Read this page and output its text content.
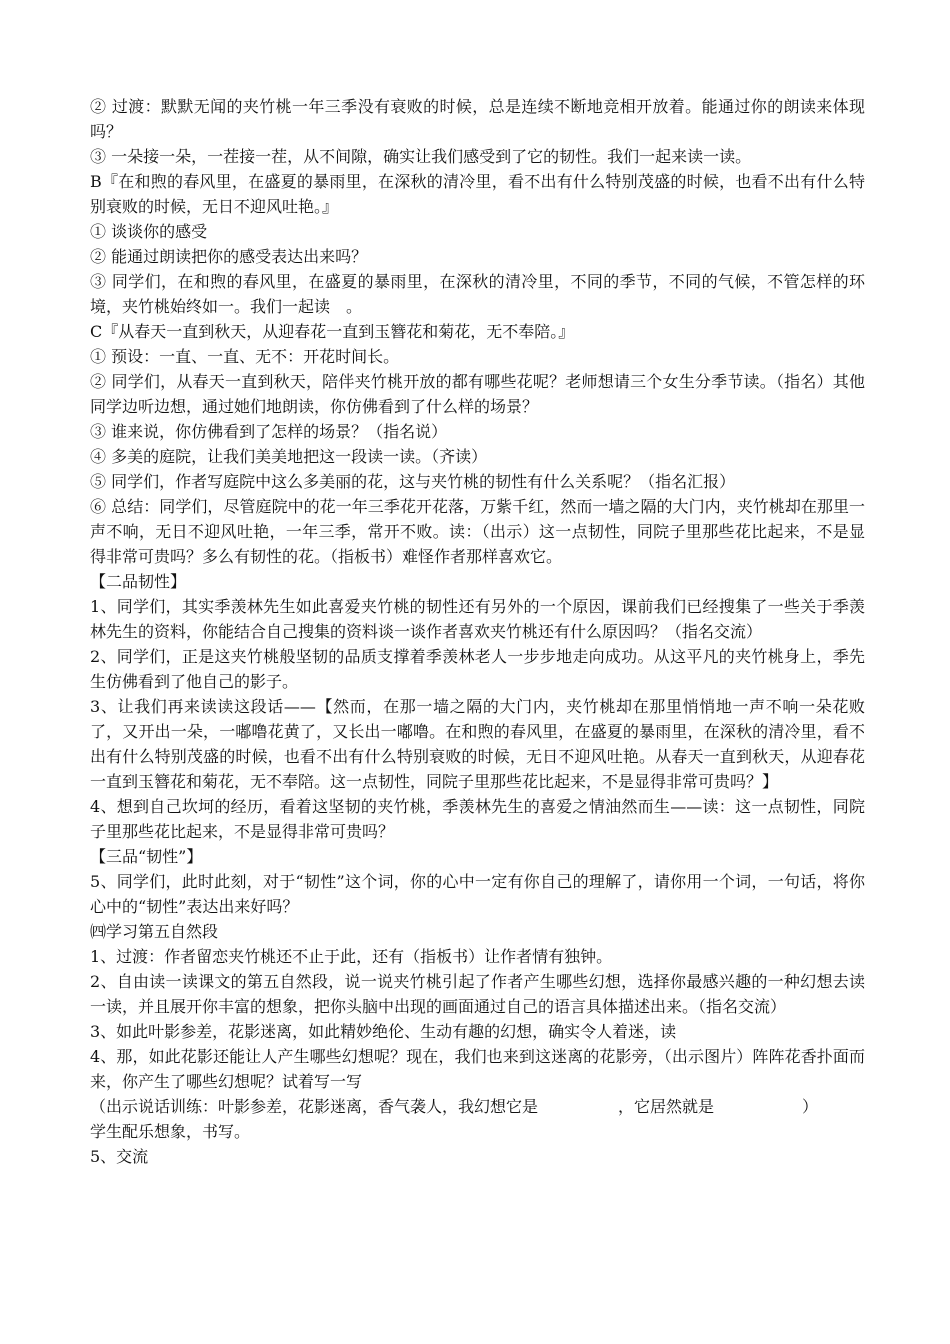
② 过渡：默默无闻的夹竹桃一年三季没有衰败的时候，总是连续不断地竞相开放着。能通过你的朗读来体现吗？

③ 一朵接一朵，一茬接一茬，从不间隙，确实让我们感受到了它的韧性。我们一起来读一读。

B『在和煦的春风里，在盛夏的暴雨里，在深秋的清冷里，看不出有什么特别茂盛的时候，也看不出有什么特别衰败的时候，无日不迎风吐艳。』

① 谈谈你的感受

② 能通过朗读把你的感受表达出来吗？

③ 同学们，在和煦的春风里，在盛夏的暴雨里，在深秋的清冷里，不同的季节，不同的气候，不管怎样的环境，夹竹桃始终如一。我们一起读 。

C『从春天一直到秋天，从迎春花一直到玉簪花和菊花，无不奉陪。』

① 预设：一直、一直、无不：开花时间长。

② 同学们，从春天一直到秋天，陪伴夹竹桃开放的都有哪些花呢？老师想请三个女生分季节读。（指名）其他同学边听边想，通过她们地朗读，你仿佛看到了什么样的场景？

③ 谁来说，你仿佛看到了怎样的场景？（指名说）

④ 多美的庭院，让我们美美地把这一段读一读。（齐读）

⑤ 同学们，作者写庭院中这么多美丽的花，这与夹竹桃的韧性有什么关系呢？（指名汇报）

⑥ 总结：同学们，尽管庭院中的花一年三季花开花落，万紫千红，然而一墙之隔的大门内，夹竹桃却在那里一声不响，无日不迎风吐艳，一年三季，常开不败。读：（出示）这一点韧性，同院子里那些花比起来，不是显得非常可贵吗？多么有韧性的花。（指板书）难怪作者那样喜欢它。

【二品韧性】

1、同学们，其实季羡林先生如此喜爱夹竹桃的韧性还有另外的一个原因，课前我们已经搜集了一些关于季羡林先生的资料，你能结合自己搜集的资料谈一谈作者喜欢夹竹桃还有什么原因吗？（指名交流）

2、同学们，正是这夹竹桃般坚韧的品质支撑着季羡林老人一步步地走向成功。从这平凡的夹竹桃身上，季先生仿佛看到了他自己的影子。

3、让我们再来读读这段话——【然而，在那一墙之隔的大门内，夹竹桃却在那里悄悄地一声不响一朵花败了，又开出一朵，一嘟噜花黄了，又长出一嘟噜。在和煦的春风里，在盛夏的暴雨里，在深秋的清冷里，看不出有什么特别茂盛的时候，也看不出有什么特别衰败的时候，无日不迎风吐艳。从春天一直到秋天，从迎春花一直到玉簪花和菊花，无不奉陪。这一点韧性，同院子里那些花比起来，不是显得非常可贵吗？】

4、想到自己坎坷的经历，看着这坚韧的夹竹桃，季羡林先生的喜爱之情油然而生——读：这一点韧性，同院子里那些花比起来，不是显得非常可贵吗？

【三品“韧性”】

5、同学们，此时此刻，对于“韧性”这个词，你的心中一定有你自己的理解了，请你用一个词，一句话，将你心中的“韧性”表达出来好吗？

㈣学习第五自然段

1、过渡：作者留恋夹竹桃还不止于此，还有（指板书）让作者情有独钟。

2、自由读一读课文的第五自然段，说一说夹竹桃引起了作者产生哪些幻想，选择你最感兴趣的一种幻想去读一读，并且展开你丰富的想象，把你头脑中出现的画面通过自己的语言具体描述出来。（指名交流）

3、如此叶影参差，花影迷离，如此精妙绝伦、生动有趣的幻想，确实令人着迷，读

4、那，如此花影还能让人产生哪些幻想呢？现在，我们也来到这迷离的花影旁，（出示图片）阵阵花香扑面而来，你产生了哪些幻想呢？试着写一写

（出示说话训练：叶影参差，花影迷离，香气袭人，我幻想它是	，它居然就是	）

学生配乐想象，书写。

5、交流
